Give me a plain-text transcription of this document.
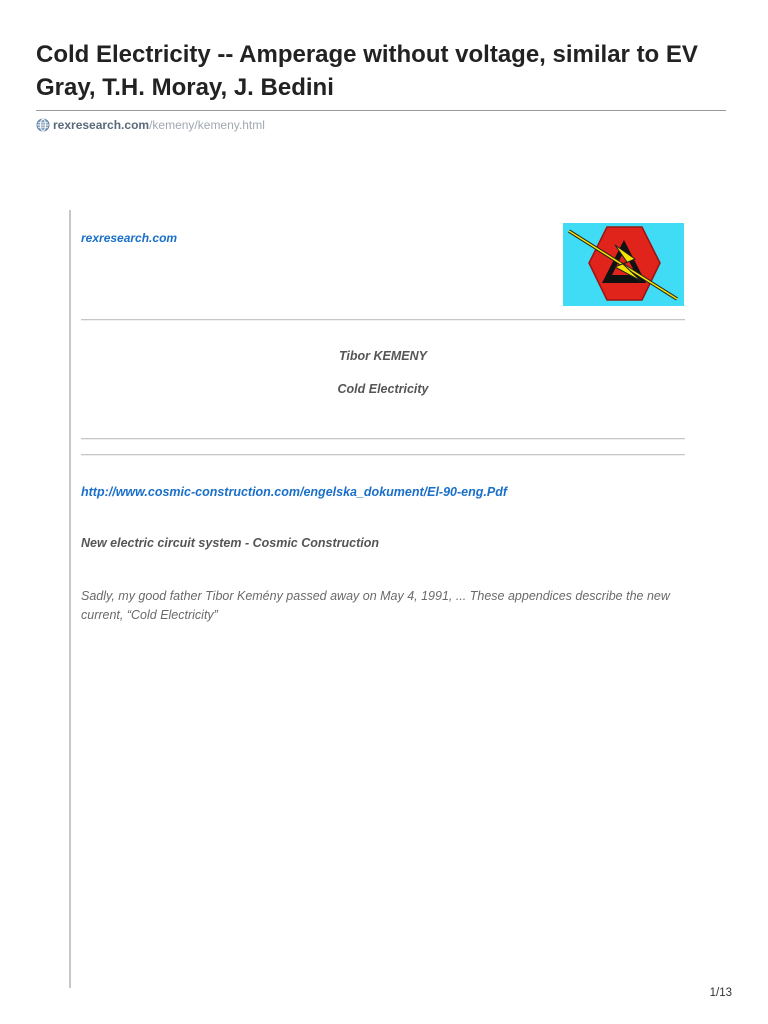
Cold Electricity -- Amperage without voltage, similar to EV Gray, T.H. Moray, J. Bedini
rexresearch.com /kemeny/kemeny.html
rexresearch.com
Tibor KEMENY
Cold Electricity
http://www.cosmic-construction.com/engelska_dokument/El-90-eng.Pdf
New electric circuit system - Cosmic Construction

Sadly, my good father Tibor Kemény passed away on May 4, 1991, ... These appendices describe the new current, “Cold Electricity”

1/13
